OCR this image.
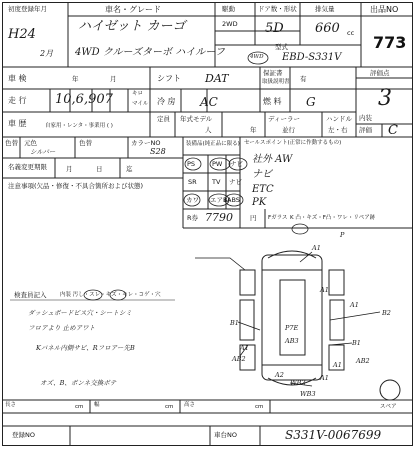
初度登録年月
H24
2月
車名・グレード
ハイゼット カーゴ
4WD クルーズターボ ハイルーフ
駆動
2WD
4WD
ドア数・形状
5D
型式
EBD-S331V
排気量
660 cc
出品NO
773
車 検	年	月	シフト DAT	保証書
取扱説明書 有
評価点
3
走 行 10,6,907	キロ
マイル 冷 房 AC	燃 料 G
車 歴	自家用・レンタ・事業用 ( )
定員
人
年式モデル
年
ディーラー
並行
ハンドル
左・右
内装
評価 C
色替 元色
シルバー
色替	カラーNO
S28
名義変更期限	月	日	迄
装備品(純正品に限る)
PS	PW ナビ
SR TV ナビ
カワ エアB ABS
R券 7790	円 Fガラス K 凸・キズ・F凸・ワレ・リペア跡
セールスポイント(正常に作動するもの)
社外 AW
ナビ
ETC
PK
注意事項(欠品・修復・不具合箇所および状態)
検査員記入 内装 汚し・スレ・キズ・キレ・コゲ・穴
ダッシュボードビス穴・シートシミ
フロアより 止めアワト
Kパネル内側サビ、Rフロアー先B
オズ、B、ボンネ交換ボテ
A1
B1
A1
P
B2
A1
B1
A1
AB2
P7E
AB3
AB2
A1
WB3
A2	A1
WB3
スペア
長さ	cm 幅	cm 高さ	cm
登録NO	車台NO	S331V-0067699
